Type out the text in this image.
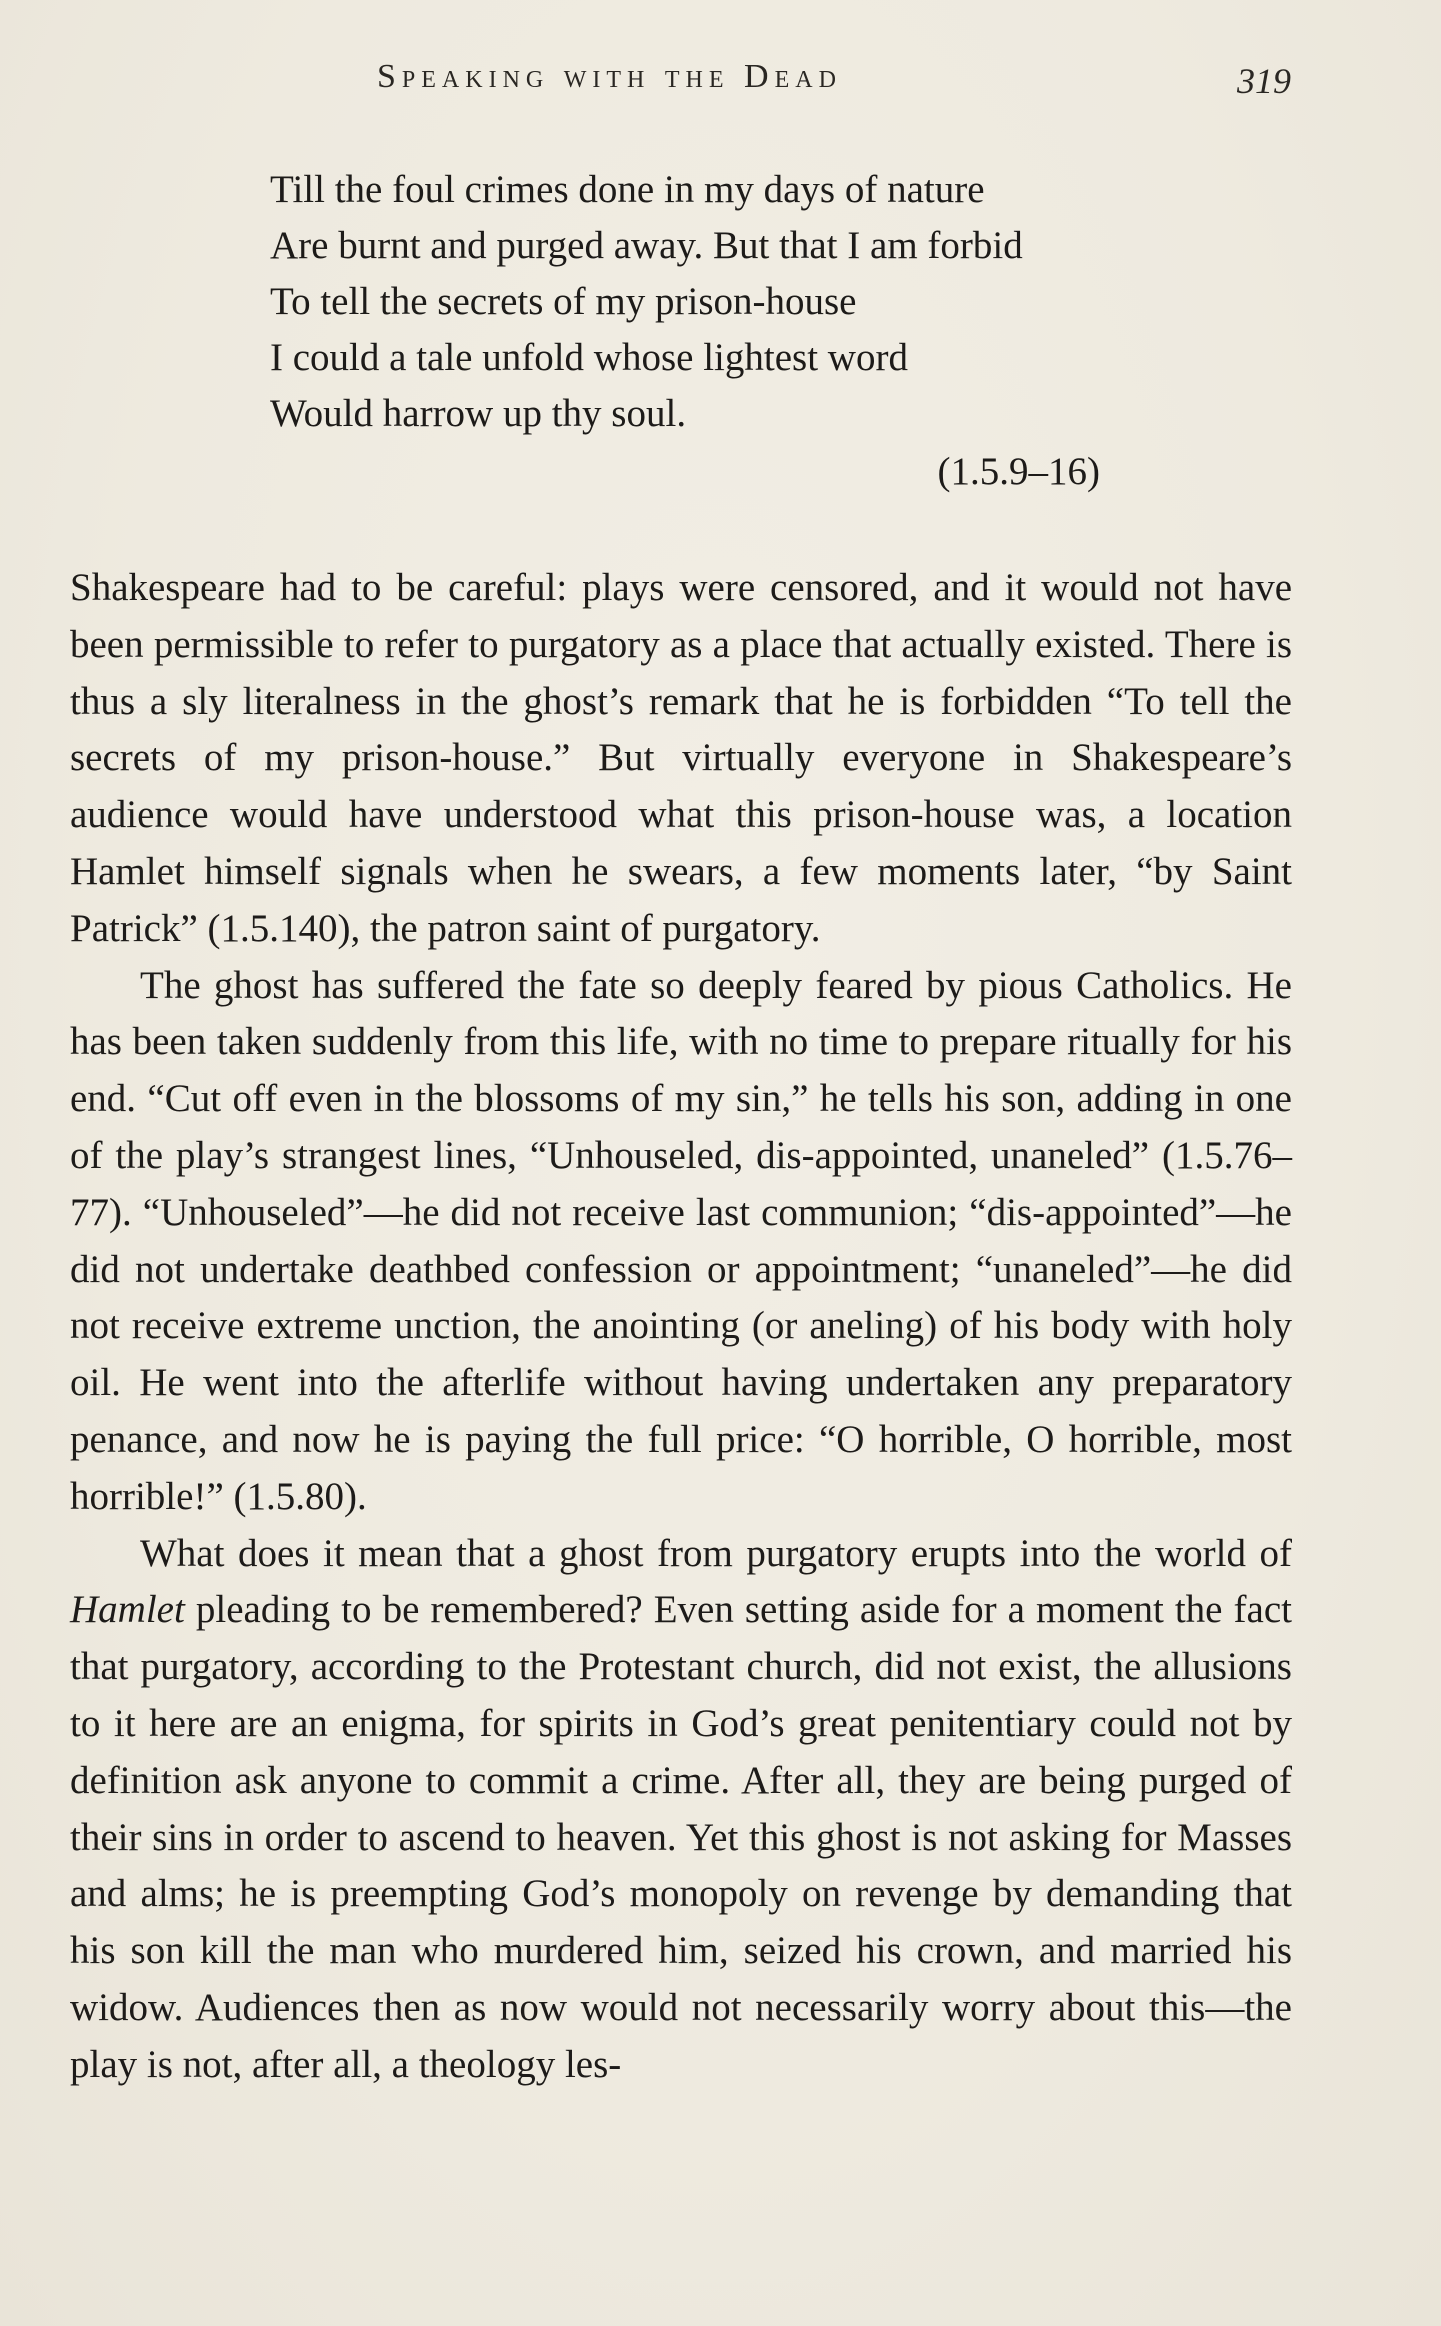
Speaking with the Dead	319
Till the foul crimes done in my days of nature
Are burnt and purged away. But that I am forbid
To tell the secrets of my prison-house
I could a tale unfold whose lightest word
Would harrow up thy soul.
(1.5.9–16)

Shakespeare had to be careful: plays were censored, and it would not have been permissible to refer to purgatory as a place that actually existed. There is thus a sly literalness in the ghost’s remark that he is forbidden “To tell the secrets of my prison-house.” But virtually everyone in Shakespeare’s audience would have understood what this prison-house was, a location Hamlet himself signals when he swears, a few moments later, “by Saint Patrick” (1.5.140), the patron saint of purgatory.

The ghost has suffered the fate so deeply feared by pious Catholics. He has been taken suddenly from this life, with no time to prepare ritually for his end. “Cut off even in the blossoms of my sin,” he tells his son, adding in one of the play’s strangest lines, “Unhouseled, dis-appointed, unaneled” (1.5.76–77). “Unhouseled”—he did not receive last communion; “dis-appointed”—he did not undertake deathbed confession or appointment; “unaneled”—he did not receive extreme unction, the anointing (or aneling) of his body with holy oil. He went into the afterlife without having undertaken any preparatory penance, and now he is paying the full price: “O horrible, O horrible, most horrible!” (1.5.80).

What does it mean that a ghost from purgatory erupts into the world of Hamlet pleading to be remembered? Even setting aside for a moment the fact that purgatory, according to the Protestant church, did not exist, the allusions to it here are an enigma, for spirits in God’s great penitentiary could not by definition ask anyone to commit a crime. After all, they are being purged of their sins in order to ascend to heaven. Yet this ghost is not asking for Masses and alms; he is preempting God’s monopoly on revenge by demanding that his son kill the man who murdered him, seized his crown, and married his widow. Audiences then as now would not necessarily worry about this—the play is not, after all, a theology les-
